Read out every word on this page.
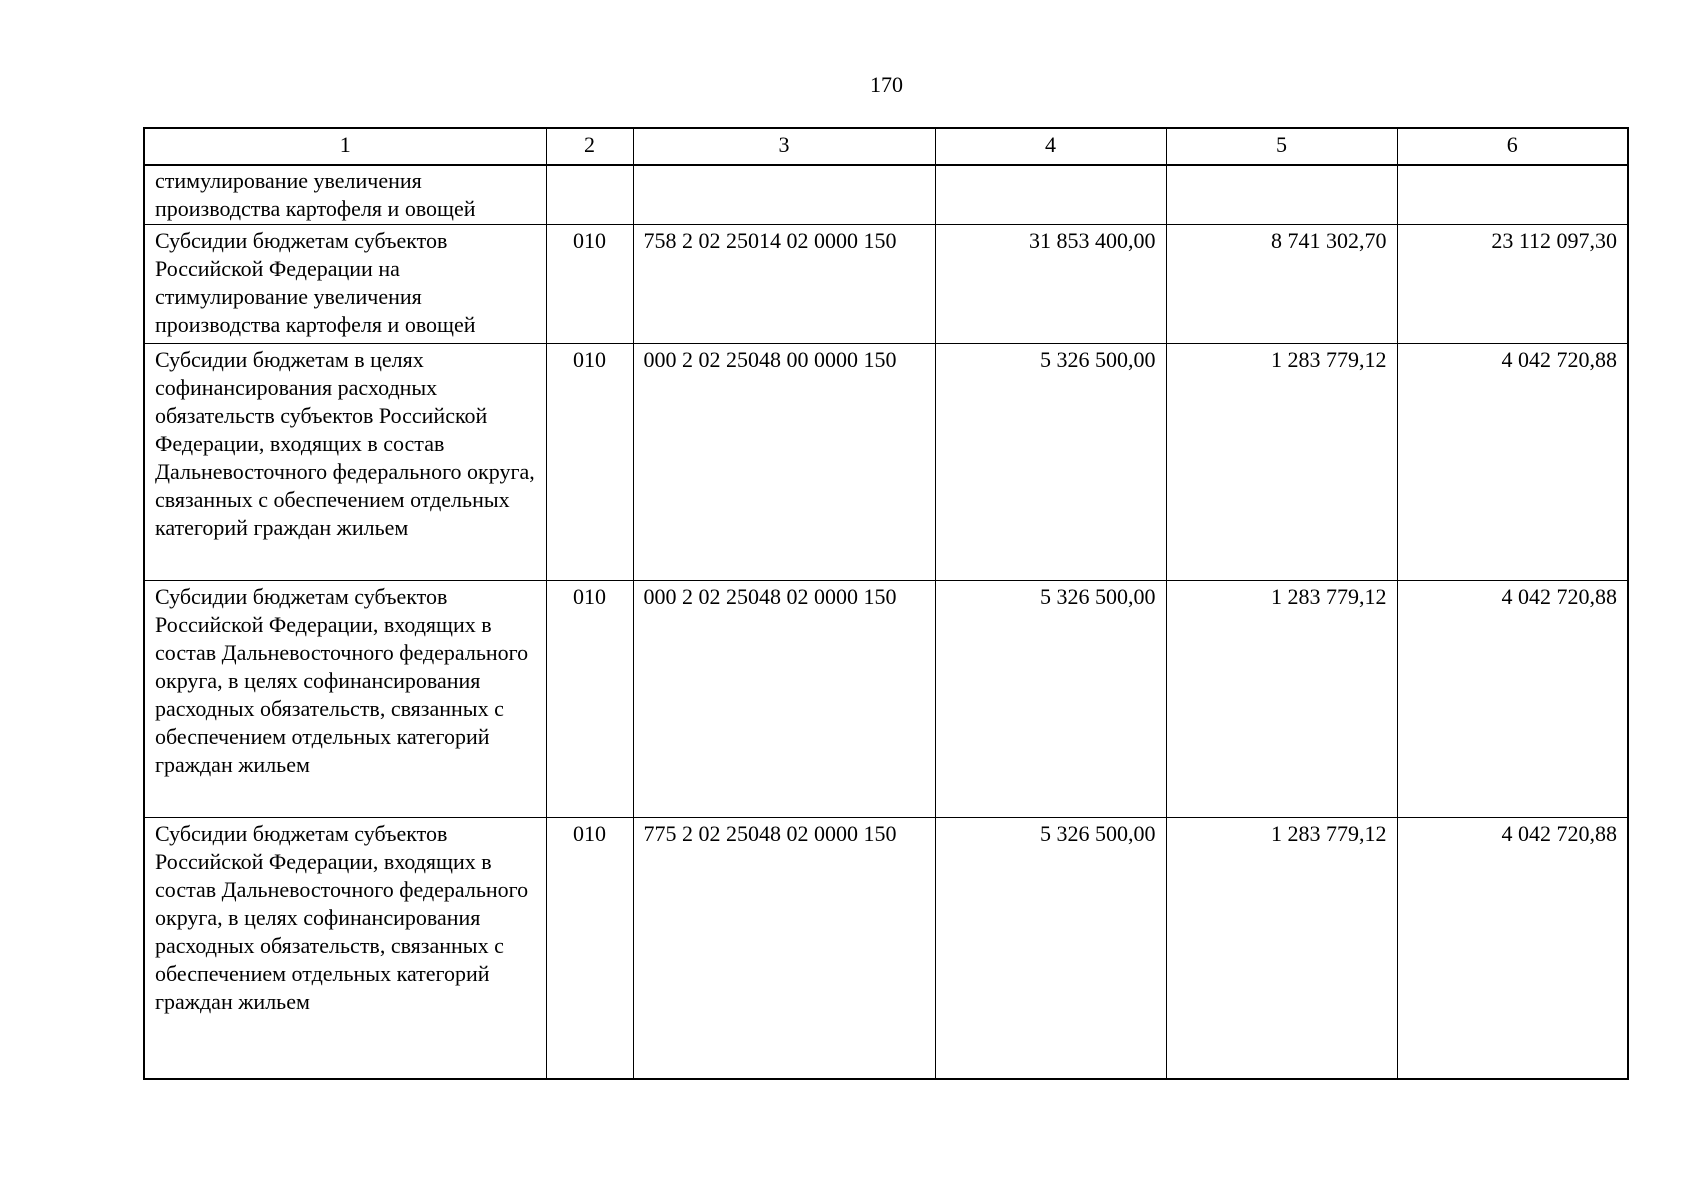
170
1	2	3	4	5	6
стимулирование увеличения производства картофеля и овощей					
Субсидии бюджетам субъектов Российской Федерации на стимулирование увеличения производства картофеля и овощей	010	758 2 02 25014 02 0000 150	31 853 400,00	8 741 302,70	23 112 097,30
Субсидии бюджетам в целях софинансирования расходных обязательств субъектов Российской Федерации, входящих в состав Дальневосточного федерального округа, связанных с обеспечением отдельных категорий граждан жильем	010	000 2 02 25048 00 0000 150	5 326 500,00	1 283 779,12	4 042 720,88
Субсидии бюджетам субъектов Российской Федерации, входящих в состав Дальневосточного федерального округа, в целях софинансирования расходных обязательств, связанных с обеспечением отдельных категорий граждан жильем	010	000 2 02 25048 02 0000 150	5 326 500,00	1 283 779,12	4 042 720,88
Субсидии бюджетам субъектов Российской Федерации, входящих в состав Дальневосточного федерального округа, в целях софинансирования расходных обязательств, связанных с обеспечением отдельных категорий граждан жильем	010	775 2 02 25048 02 0000 150	5 326 500,00	1 283 779,12	4 042 720,88
